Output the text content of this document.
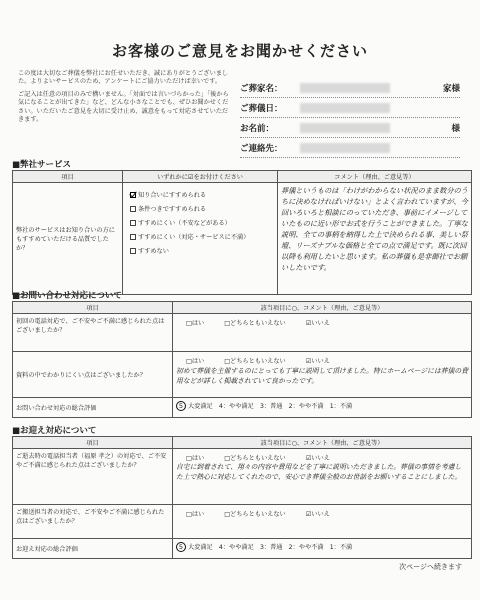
お客様のご意見をお聞かせください

この度は大切なご葬儀を弊社にお任せいただき、誠にありがとうございました。よりよいサービスのため、アンケートにご協力いただけば幸いです。

ご記入は任意の項目のみで構いません。「対面では言いづらかった」「後から気になることが出てきた」など、どんな小さなことでも、ぜひお聞かせください。いただいたご意見を大切に受け止め、誠意をもって対応させていただきます。

ご葬家名：	家様
ご葬儀日：
お名前：	様
ご連絡先：
■弊社サービス
項目	いずれかに☑をお付けください	コメント（理由、ご意見等）
弊社のサービスはお知り合いの方にもすすめていただける品質でしたか？	知り合いにすすめられる
条件つきですすめられる
すすめにくい（不安などがある）
すすめにくい（対応・サービスに不満）
すすめない	葬儀というものは「わけがわからない状況のまま数分のうちに決めなければいけない」とよく言われていますが、今回いろいろと相談にのっていただき、事前にイメージしていたものに近い形でお式を行うことができました。丁寧な説明、全ての事柄を納得した上で決められる事、美しい祭壇、リーズナブルな価格と全ての点で満足です。既に次回以降も利用したいと思います。私の葬儀も是非御社でお願いしたいです。
■お問い合わせ対応について
項目	該当項目に○、コメント（理由、ご意見等）
初回の電話対応で、ご不安やご不満に感じられた点はございましたか？	□はい □どちらともいえない ☑いいえ

資料の中でわかりにくい点はございましたか？	□はい □どちらともいえない ☑いいえ
初めて葬儀を主催するのにとっても丁寧に説明して頂けました。特にホームページには葬儀の費用などが詳しく掲載されていて良かったです。

お問い合わせ対応の総合評価	5 大変満足　4：やや満足　3：普通　2：やや不満　1：不満
■お迎え対応について
項目	該当項目に○、コメント（理由、ご意見等）
ご逝去時の電話担当者（福原 孝之）の対応で、ご不安やご不満に感じられた点はございましたか？	□はい □どちらともいえない ☑いいえ
自宅に到着されて、翔々の内容や費用などを丁寧に説明いただきました。葬儀の事情を考慮した上で熱心に対応してくれたので、安心でき葬儀全般のお世話をお願いすることにしました。

ご搬送担当者の対応で、ご不安やご不満に感じられた点はございましたか？	□はい □どちらともいえない ☑いいえ

お迎え対応の総合評価	5 大変満足　4：やや満足　3：普通　2：やや不満　1：不満
次ページへ続きます
